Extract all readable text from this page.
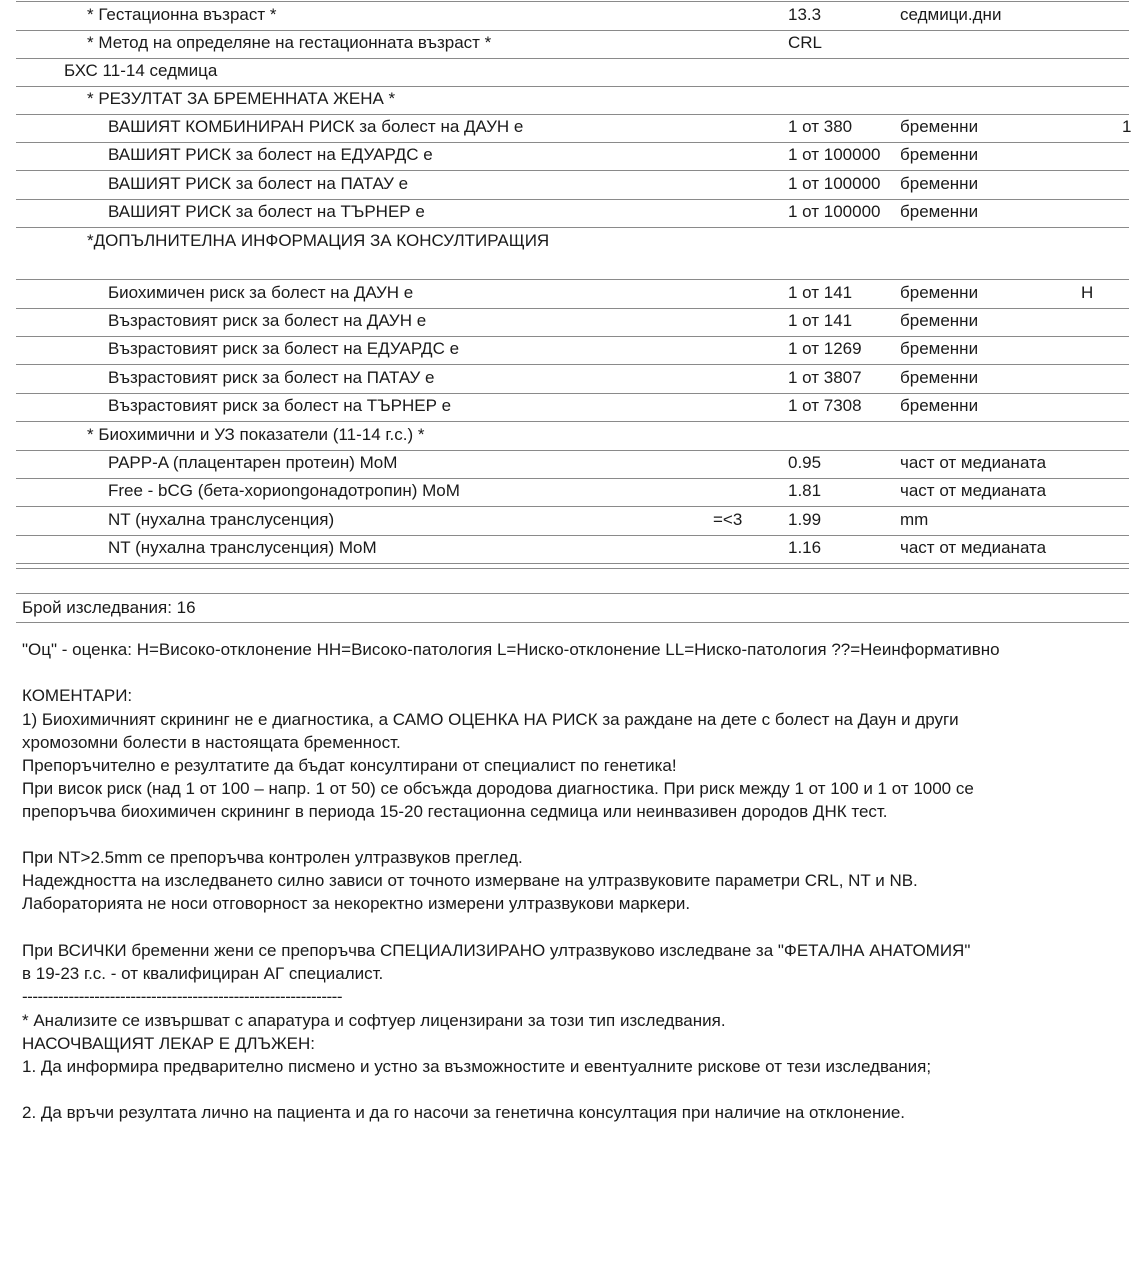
* Гестационна възраст *	13.3	седмици.дни
* Метод на определяне на гестационната възраст *	CRL
БХС 11-14 седмица
* РЕЗУЛТАТ ЗА БРЕМЕННАТА ЖЕНА *
ВАШИЯТ КОМБИНИРАН РИСК за болест на ДАУН е	1 от 380	бременни	1
ВАШИЯТ РИСК за болест на ЕДУАРДС е	1 от 100000 бременни
ВАШИЯТ РИСК за болест на ПАТАУ е	1 от 100000 бременни
ВАШИЯТ РИСК за болест на ТЪРНЕР е	1 от 100000 бременни
*ДОПЪЛНИТЕЛНА ИНФОРМАЦИЯ ЗА КОНСУЛТИРАЩИЯ
Биохимичен риск за болест на ДАУН е	1 от 141	бременни	H
Възрастовият риск за болест на ДАУН е	1 от 141	бременни
Възрастовият риск за болест на ЕДУАРДС е	1 от 1269 бременни
Възрастовият риск за болест на ПАТАУ е	1 от 3807 бременни
Възрастовият риск за болест на ТЪРНЕР е	1 от 7308 бременни
* Биохимични и УЗ показатели (11-14 г.с.) *
PAPP-A (плацентарен протеин) MoM	0.95	част от медианата
Free - bCG (бета-хориongонадотропин) MoM	1.81	част от медианата
NT (нухална транслусенция)	=<3	1.99	mm
NT (нухална транслусенция) MoM	1.16	част от медианата
Брой изследвания: 16
"Оц" - оценка: H=Високо-отклонение HH=Високо-патология L=Ниско-отклонение LL=Ниско-патология ??=Неинформативно
КОМЕНТАРИ:
1) Биохимичният скрининг не е диагностика, а САМО ОЦЕНКА НА РИСК за раждане на дете с болест на Даун и други
хромозомни болести в настоящата бременност.
Препоръчително е резултатите да бъдат консултирани от специалист по генетика!
При висок риск (над 1 от 100 – напр. 1 от 50) се обсъжда дородова диагностика. При риск между 1 от 100 и 1 от 1000 се
препоръчва биохимичен скрининг в периода 15-20 гестационна седмица или неинвазивен дородов ДНК тест.
При NT>2.5mm се препоръчва контролен ултразвуков преглед.
Надеждността на изследването силно зависи от точното измерване на ултразвуковите параметри CRL, NT и NB.
Лабораторията не носи отговорност за некоректно измерени ултразвукови маркери.
При ВСИЧКИ бременни жени се препоръчва СПЕЦИАЛИЗИРАНО ултразвуково изследване за "ФЕТАЛНА АНАТОМИЯ"
в 19-23 г.с. - от квалифициран АГ специалист.
--------------------------------------------------------------
* Анализите се извършват с апаратура и софтуер лицензирани за този тип изследвания.
НАСОЧВАЩИЯТ ЛЕКАР Е ДЛЪЖЕН:
1. Да информира предварително писмено и устно за възможностите и евентуалните рискове от тези изследвания;
2. Да връчи резултата лично на пациента и да го насочи за генетична консултация при наличие на отклонение.
